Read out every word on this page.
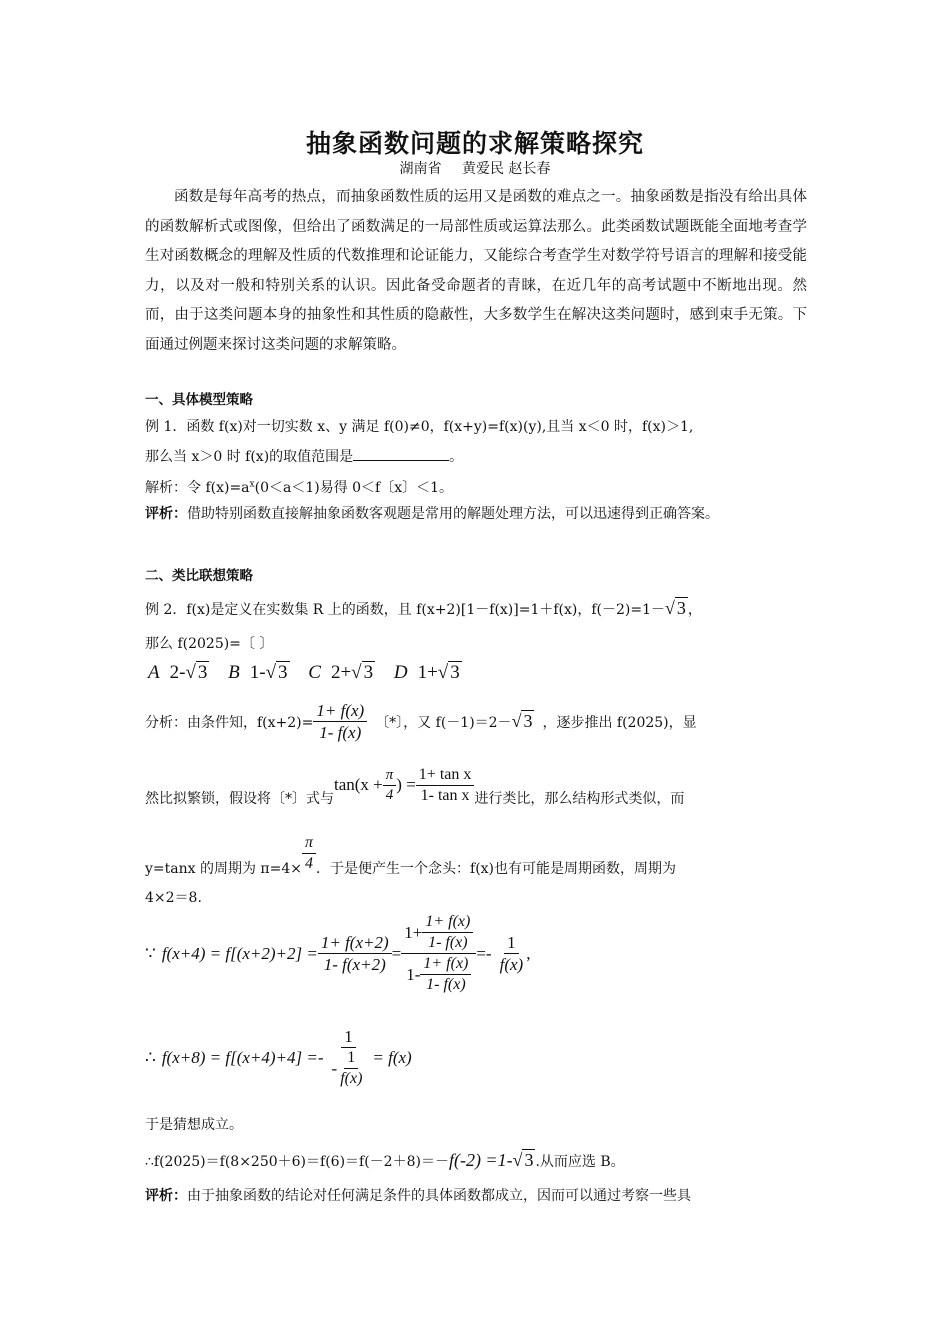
抽象函数问题的求解策略探究
湖南省 黄爱民 赵长春

函数是每年高考的热点，而抽象函数性质的运用又是函数的难点之一。抽象函数是指没有给出具体的函数解析式或图像，但给出了函数满足的一局部性质或运算法那么。此类函数试题既能全面地考查学生对函数概念的理解及性质的代数推理和论证能力，又能综合考查学生对数学符号语言的理解和接受能力，以及对一般和特别关系的认识。因此备受命题者的青睐，在近几年的高考试题中不断地出现。然而，由于这类问题本身的抽象性和其性质的隐蔽性，大多数学生在解决这类问题时，感到束手无策。下面通过例题来探讨这类问题的求解策略。

一、具体模型策略
例 1．函数 f(x)对一切实数 x、y 满足 f(0)≠0，f(x+y)=f(x)(y),且当 x＜0 时，f(x)＞1,
那么当 x＞0 时 f(x)的取值范围是	。
解析：令 $f(x)=a^x(0<a<1)$易得 0＜f〔x〕＜1。

评析：借助特别函数直接解抽象函数客观题是常用的解题处理方法，可以迅速得到正确答案。

二、类比联想策略
例 2．f(x)是定义在实数集 R 上的函数，且 f(x+2)[1－f(x)]=1＋f(x)，f(－2)=1－√ 3 ，
那么 f(2025)=〔 〕
A 2-√ 3 B 1-√ 3 C 2+√ 3 D 1+√ 3
分析：由条件知，$f(x+2)= \frac{1+ f(x)}{1- f(x)}$ 〔*〕，又 f(－1)＝2－ √ 3 ，逐步推出 f(2025)，显
然比拟繁锁，假设将〔*〕式与
$\tan(x + \frac{\pi}{4}$ ) = $\frac{\text{1+ tan x}}{\text{1- tan x}}$ 进行类比，那么结构形式类似，而
y=tanx 的周期为 $\pi=4\times \frac{\pi}{4}$ ．于是便产生一个念头：f(x)也有可能是周期函数，周期为
4×2＝8.
∵ $f(x+4) = f[(x+2)+2] = \frac{1+ f(x+2)}{1- f(x+2)} = \frac{1+ \frac{1+ f(x)}{1- f(x)}}{1- \frac{1+ f(x)}{1- f(x)}} =- \frac{1}{f(x)}$ ,
∴ $f(x+8) = f[(x+4)+4] =- \frac{1}{- \frac{1}{f(x)}} = f(x)$
于是猜想成立。
∴f(2025)＝f(8×250＋6)＝f(6)＝f(－2＋8)＝－ f(-2) =1- √ 3 .从而应选 B。
评析：由于抽象函数的结论对任何满足条件的具体函数都成立，因而可以通过考察一些具
